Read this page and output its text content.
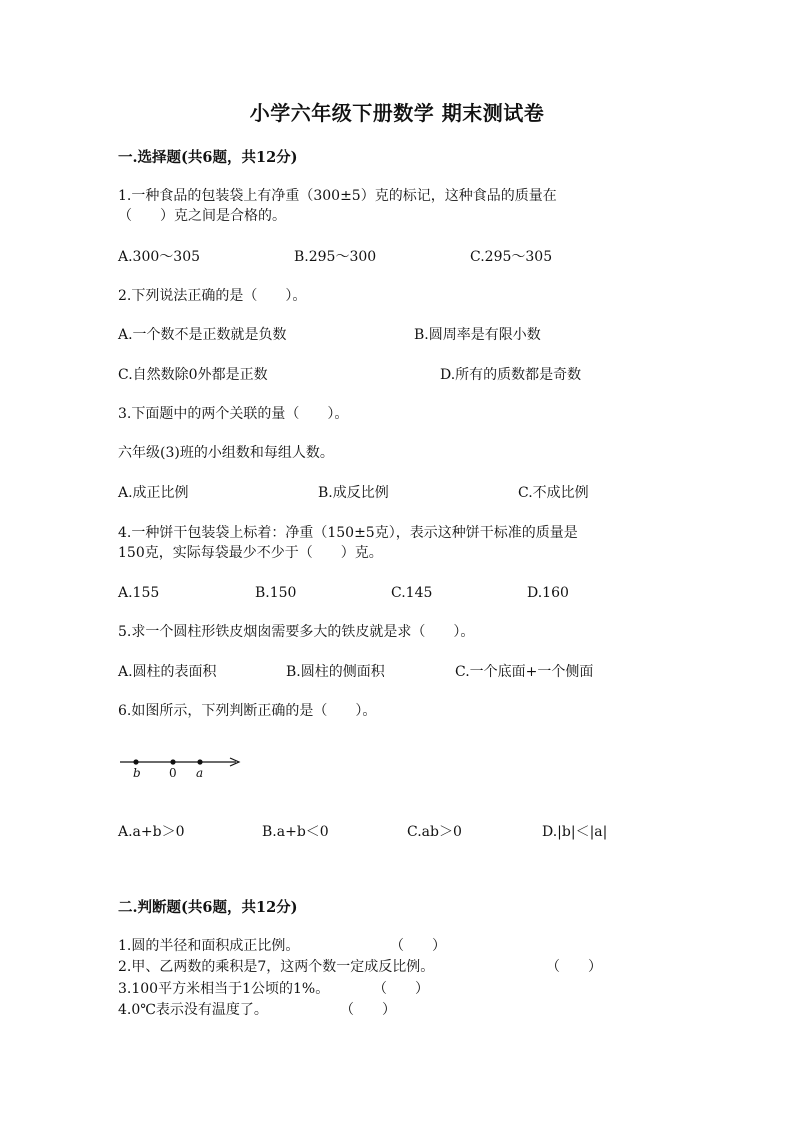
小学六年级下册数学 期末测试卷
一.选择题(共6题，共12分)
1.一种食品的包装袋上有净重（300±5）克的标记，这种食品的质量在
（　　）克之间是合格的。
A.300～305	B.295～300	C.295～305
2.下列说法正确的是（　　）。
A.一个数不是正数就是负数	B.圆周率是有限小数
C.自然数除0外都是正数	D.所有的质数都是奇数
3.下面题中的两个关联的量（　　）。
六年级(3)班的小组数和每组人数。
A.成正比例	B.成反比例	C.不成比例
4.一种饼干包装袋上标着：净重（150±5克），表示这种饼干标准的质量是
150克，实际每袋最少不少于（　　）克。
A.155	B.150	C.145	D.160
5.求一个圆柱形铁皮烟囱需要多大的铁皮就是求（　　）。
A.圆柱的表面积	B.圆柱的侧面积	C.一个底面+一个侧面
6.如图所示，下列判断正确的是（　　）。
b 0 a
A.a+b＞0	B.a+b＜0	C.ab＞0	D.|b|＜|a|
二.判断题(共6题，共12分)
1.圆的半径和面积成正比例。	（　　）
2.甲、乙两数的乘积是7，这两个数一定成反比例。	（　　）
3.100平方米相当于1公顷的1%。	（　　）
4.0℃表示没有温度了。	（　　）
